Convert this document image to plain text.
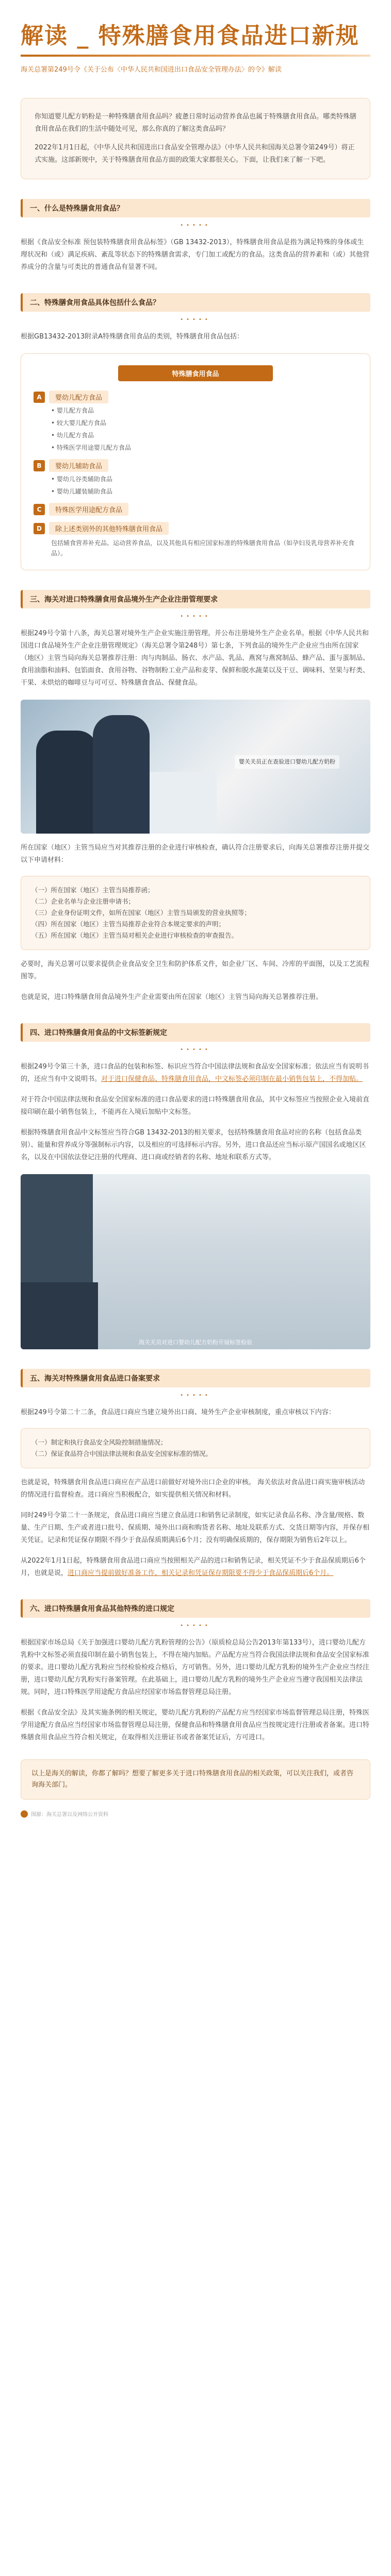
解读 _ 特殊膳食用食品进口新规
海关总署第249号令《关于公布〈中华人民共和国进出口食品安全管理办法〉的令》解读

你知道婴儿配方奶粉是一种特殊膳食用食品吗？疲惫日常时运动营养食品也属于特殊膳食用食品。哪类特殊膳食用食品在我们的生活中随处可见，那么你真的了解这类食品吗？

2022年1月1日起，《中华人民共和国进出口食品安全管理办法》（中华人民共和国海关总署令第249号）将正式实施。这部新规中，关于特殊膳食用食品方面的政策大家都很关心。下面，让我们来了解一下吧。

一、什么是特殊膳食用食品？
•••••

根据《食品安全标准 预包装特殊膳食用食品标签》（GB 13432-2013），特殊膳食用食品是指为满足特殊的身体或生理状况和（或）满足疾病、紊乱等状态下的特殊膳食需求，专门加工或配方的食品。这类食品的营养素和（或）其他营养成分的含量与可类比的普通食品有显著不同。

二、特殊膳食用食品具体包括什么食品？
•••••

根据GB13432-2013附录A特殊膳食用食品的类别，特殊膳食用食品包括：

特殊膳食用食品
A	婴幼儿配方食品
• 婴儿配方食品
• 较大婴儿配方食品
• 幼儿配方食品
• 特殊医学用途婴儿配方食品
B	婴幼儿辅助食品
• 婴幼儿谷类辅助食品
• 婴幼儿罐装辅助食品
C	特殊医学用途配方食品
D	除上述类别外的其他特殊膳食用食品
包括辅食营养补充品、运动营养食品，以及其他具有相应国家标准的特殊膳食用食品（如孕妇及乳母营养补充食品）。
三、海关对进口特殊膳食用食品境外生产企业注册管理要求
•••••

根据249号令第十八条，海关总署对境外生产企业实施注册管理。并公布注册境外生产企业名单。根据《中华人民共和国进口食品境外生产企业注册管理规定》（海关总署令第248号）第七条，下列食品的境外生产企业应当由所在国家（地区）主管当局向海关总署推荐注册：肉与肉制品、肠衣、水产品、乳品、燕窝与燕窝制品、蜂产品、蛋与蛋制品、食用油脂和油料、包馅面食、食用谷物、谷物制粉工业产品和麦芽、保鲜和脱水蔬菜以及干豆、调味料、坚果与籽类、干果、未烘焙的咖啡豆与可可豆、特殊膳食食品、保健食品。

婴关关员正在查验进口婴幼儿配方奶粉

所在国家（地区）主管当局应当对其推荐注册的企业进行审核检查，确认符合注册要求后，向海关总署推荐注册并提交以下申请材料：

（一）所在国家（地区）主管当局推荐函；
（二）企业名单与企业注册申请书；
（三）企业身份证明文件，如所在国家（地区）主管当局颁发的营业执照等；
（四）所在国家（地区）主管当局推荐企业符合本规定要求的声明；
（五）所在国家（地区）主管当局对相关企业进行审核检查的审查报告。

必要时，海关总署可以要求提供企业食品安全卫生和防护体系文件，如企业厂区、车间、冷库的平面图，以及工艺流程图等。

也就是说，进口特殊膳食用食品境外生产企业需要由所在国家（地区）主管当局向海关总署推荐注册。

四、进口特殊膳食用食品的中文标签新规定
•••••

根据249号令第三十条，进口食品的包装和标签、标识应当符合中国法律法规和食品安全国家标准；依法应当有说明书的，还应当有中文说明书。对于进口保健食品、特殊膳食用食品，中文标签必须印制在最小销售包装上，不得加贴。

对于符合中国法律法规和食品安全国家标准的进口食品要求的进口特殊膳食用食品，其中文标签应当按照企业入境前直接印刷在最小销售包装上，不能再在入境后加贴中文标签。

根据特殊膳食用食品中文标签应当符合GB 13432-2013的相关要求，包括特殊膳食用食品对应的名称（包括食品类别）、能量和营养成分等强制标示内容，以及相应的可选择标示内容。另外，进口食品还应当标示原产国国名或地区区名，以及在中国依法登记注册的代理商、进口商或经销者的名称、地址和联系方式等。

海关关员对进口婴幼儿配方奶粉开展标签检验
五、海关对特殊膳食用食品进口备案要求
•••••

根据249号令第二十二条，食品进口商应当建立境外出口商、境外生产企业审核制度，重点审核以下内容：

（一）制定和执行食品安全风险控制措施情况；
（二）保证食品符合中国法律法规和食品安全国家标准的情况。

也就是说，特殊膳食用食品进口商应在产品进口前做好对境外出口企业的审核。 海关依法对食品进口商实施审核活动的情况进行监督检查。进口商应当积极配合，如实提供相关情况和材料。

同时249号令第二十一条规定，食品进口商应当建立食品进口和销售记录制度，如实记录食品名称、净含量/规格、数量、生产日期、生产或者进口批号、保质期、境外出口商和购货者名称、地址及联系方式、交货日期等内容，并保存相关凭证。记录和凭证保存期限不得少于食品保质期满后6个月；没有明确保质期的，保存期限为销售后2年以上。

从2022年1月1日起，特殊膳食用食品进口商应当按照相关产品的进口和销售记录，相关凭证不少于食品保质期后6个月，也就是说，进口商应当提前做好准备工作，相关记录和凭证保存期限要不得少于食品保质期后6个月。

六、进口特殊膳食用食品其他特殊的进口规定
•••••

根据国家市场总局《关于加强进口婴幼儿配方乳粉管理的公告》（原质检总局公告2013年第133号），进口婴幼儿配方乳粉中文标签必须直接印制在最小销售包装上，不得在境内加贴。产品配方应当符合我国法律法规和食品安全国家标准的要求。进口婴幼儿配方乳粉应当经检验检疫合格后，方可销售。另外，进口婴幼儿配方乳粉的境外生产企业应当经注册，进口婴幼儿配方乳粉实行备案管理。在此基础上，进口婴幼儿配方乳粉的境外生产企业应当遵守我国相关法律法规。同时，进口特殊医学用途配方食品应经国家市场监督管理总局注册。

根据《食品安全法》及其实施条例的相关规定，婴幼儿配方乳粉的产品配方应当经国家市场监督管理总局注册，特殊医学用途配方食品应当经国家市场监督管理总局注册，保健食品和特殊膳食用食品应当按规定进行注册或者备案。进口特殊膳食用食品应当符合相关规定，在取得相关注册证书或者备案凭证后，方可进口。

以上是海关的解读，你都了解吗？想要了解更多关于进口特殊膳食用食品的相关政策，可以关注我们，或者咨询海关部门。
图源：海关总署以及网络公开资料
